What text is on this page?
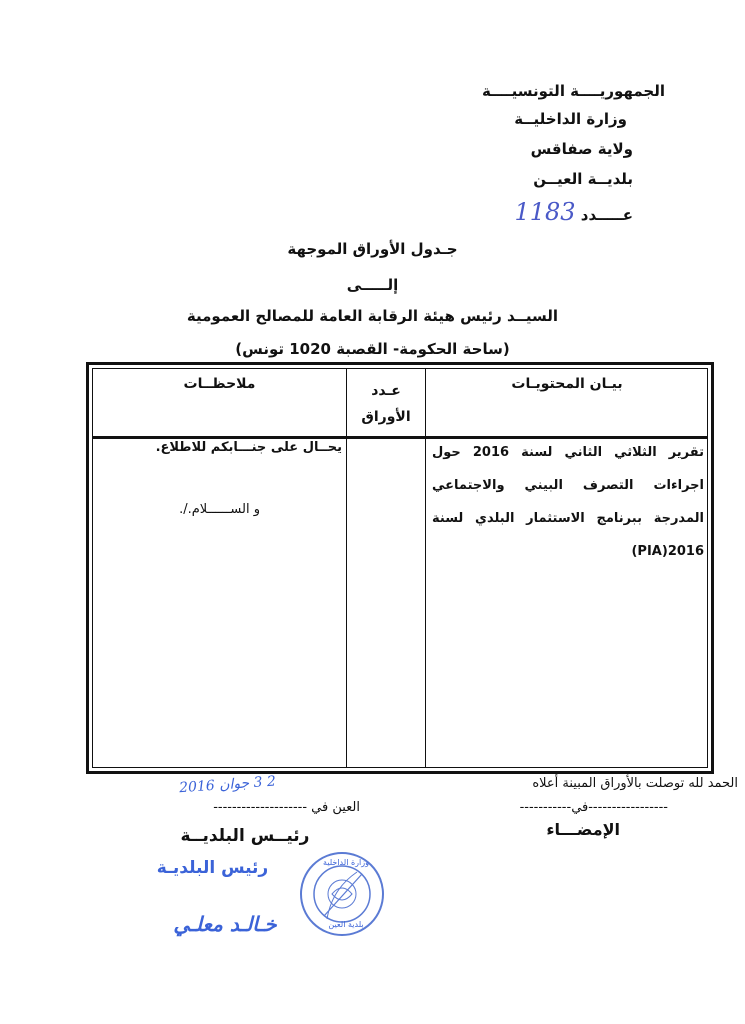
الجمهوريــــة التونسيــــة
وزارة الداخليــة
ولاية صفاقس
بلديــة العيــن
عـــــدد 1183
جـدول الأوراق الموجهة
إلـــــى
السيــد رئيس هيئة الرقابة العامة للمصالح العمومية
(ساحة الحكومة- القصبة 1020 تونس)
بيـان المحتويـات
عـدد
الأوراق
ملاحظــات
تقرير الثلاثي الثاني لسنة 2016 حول اجراءات التصرف البيني والاجتماعي المدرجة ببرنامج الاستثمار البلدي لسنة 2016(PIA)
يحــال على جنـــابكم للاطلاع.
و الســــــلام./.
الحمد لله توصلت بالأوراق المبينة أعلاه
-----------------في-----------
الإمضـــاء
2 3 جوان 2016
العين في --------------------
رئيــس البلديــة
رئيس البلديـة
خـالـد معلـي
وزارة الداخلية
بلدية العين
